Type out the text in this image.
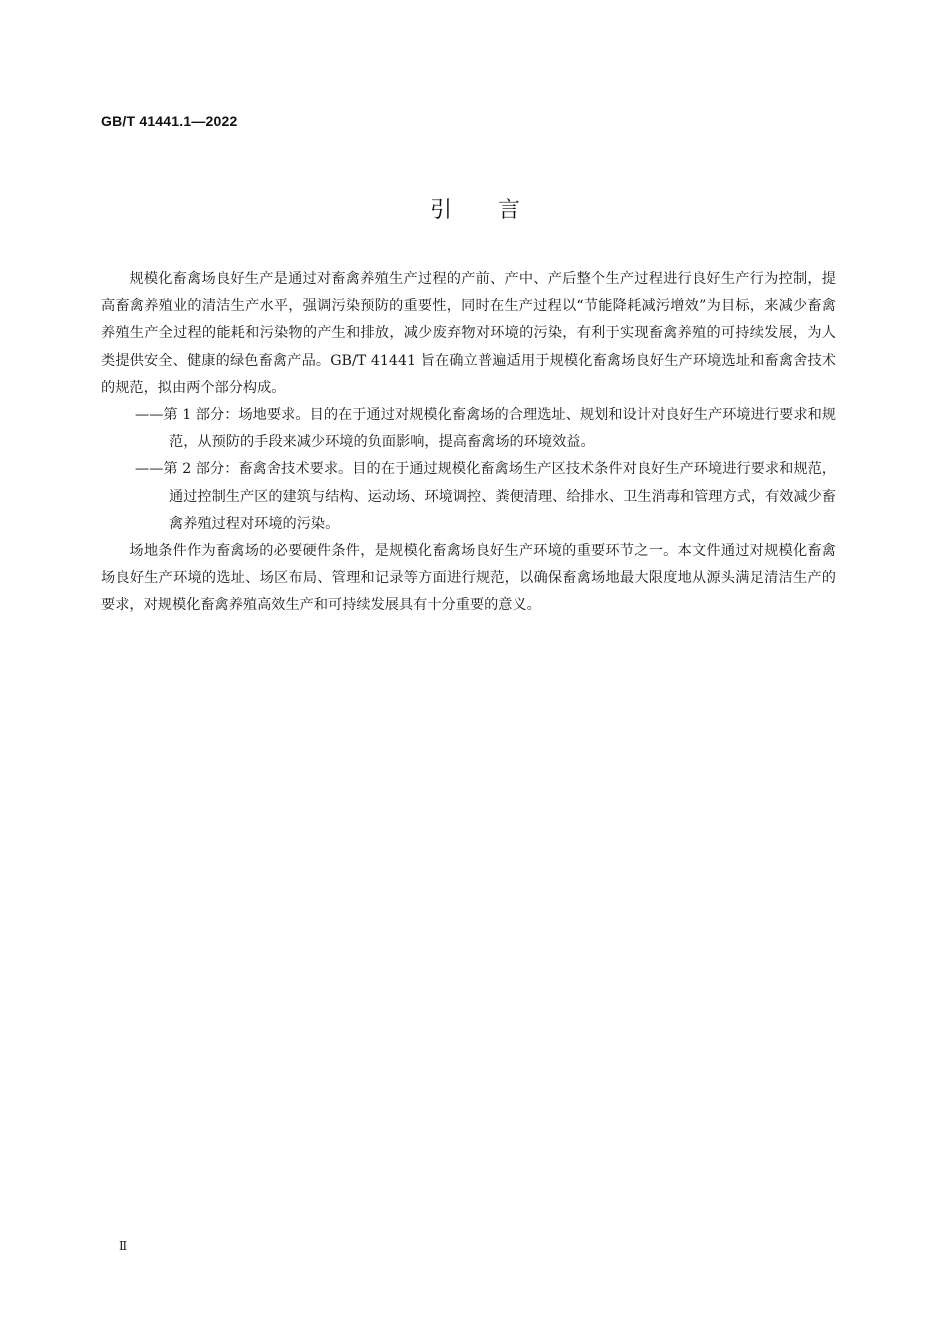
GB/T 41441.1—2022
引言

规模化畜禽场良好生产是通过对畜禽养殖生产过程的产前、产中、产后整个生产过程进行良好生产行为控制，提高畜禽养殖业的清洁生产水平，强调污染预防的重要性，同时在生产过程以“节能降耗减污增效”为目标，来减少畜禽养殖生产全过程的能耗和污染物的产生和排放，减少废弃物对环境的污染，有利于实现畜禽养殖的可持续发展，为人类提供安全、健康的绿色畜禽产品。GB/T 41441 旨在确立普遍适用于规模化畜禽场良好生产环境选址和畜禽舍技术的规范，拟由两个部分构成。

——第 1 部分：场地要求。目的在于通过对规模化畜禽场的合理选址、规划和设计对良好生产环境进行要求和规范，从预防的手段来减少环境的负面影响，提高畜禽场的环境效益。

——第 2 部分：畜禽舍技术要求。目的在于通过规模化畜禽场生产区技术条件对良好生产环境进行要求和规范，通过控制生产区的建筑与结构、运动场、环境调控、粪便清理、给排水、卫生消毒和管理方式，有效减少畜禽养殖过程对环境的污染。

场地条件作为畜禽场的必要硬件条件，是规模化畜禽场良好生产环境的重要环节之一。本文件通过对规模化畜禽场良好生产环境的选址、场区布局、管理和记录等方面进行规范，以确保畜禽场地最大限度地从源头满足清洁生产的要求，对规模化畜禽养殖高效生产和可持续发展具有十分重要的意义。

Ⅱ
